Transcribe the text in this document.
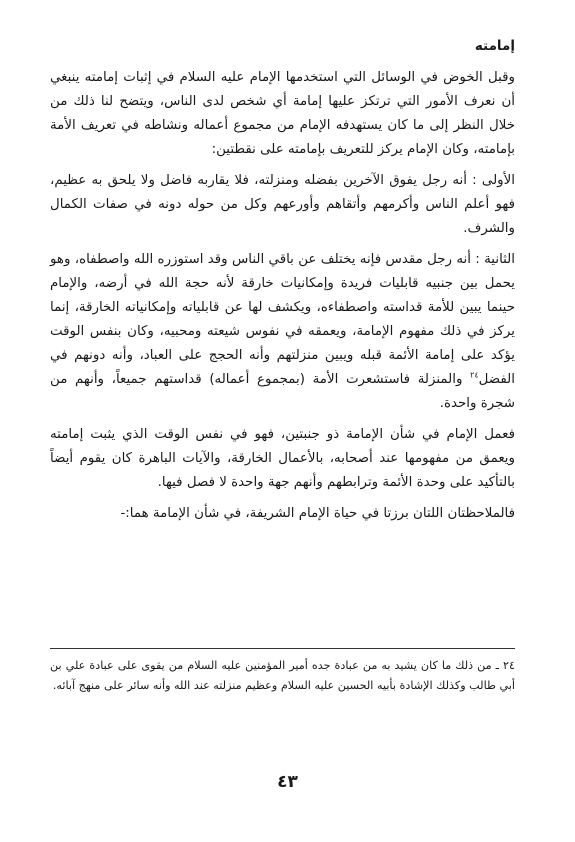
إمامته

وقبل الخوض في الوسائل التي استخدمها الإمام عليه السلام في إثبات إمامته ينبغي أن نعرف الأمور التي ترتكز عليها إمامة أي شخص لدى الناس، ويتضح لنا ذلك من خلال النظر إلى ما كان يستهدفه الإمام من مجموع أعماله ونشاطه في تعريف الأمة بإمامته، وكان الإمام يركز للتعريف بإمامته على نقطتين:

الأولى : أنه رجل يفوق الآخرين بفضله ومنزلته، فلا يقاربه فاضل ولا يلحق به عظيم، فهو أعلم الناس وأكرمهم وأتقاهم وأورعهم وكل من حوله دونه في صفات الكمال والشرف.

الثانية : أنه رجل مقدس فإنه يختلف عن باقي الناس وقد استوزره الله واصطفاه، وهو يحمل بين جنبيه قابليات فريدة وإمكانيات خارقة لأنه حجة الله في أرضه، والإمام حينما يبين للأمة قداسته واصطفاءه، ويكشف لها عن قابلياته وإمكانياته الخارقة، إنما يركز في ذلك مفهوم الإمامة، ويعمقه في نفوس شيعته ومحبيه، وكان بنفس الوقت يؤكد على إمامة الأئمة قبله ويبين منزلتهم وأنه الحجج على العباد، وأنه دونهم في الفضل$^{٢٤}$ والمنزلة فاستشعرت الأمة (بمجموع أعماله) قداستهم جميعاً، وأنهم من شجرة واحدة.

فعمل الإمام في شأن الإمامة ذو جنبتين، فهو في نفس الوقت الذي يثبت إمامته ويعمق من مفهومها عند أصحابه، بالأعمال الخارقة، والآيات الباهرة كان يقوم أيضاً بالتأكيد على وحدة الأئمة وترابطهم وأنهم جهة واحدة لا فصل فيها.

فالملاحظتان اللتان برزتا في حياة الإمام الشريفة، في شأن الإمامة هما:-

٢٤ ـ من ذلك ما كان يشيد به من عبادة جده أمير المؤمنين عليه السلام من يقوى على عبادة علي بن أبي طالب وكذلك الإشادة بأبيه الحسين عليه السلام وعظيم منزلته عند الله وأنه سائر على منهج آبائه.
٤٣
